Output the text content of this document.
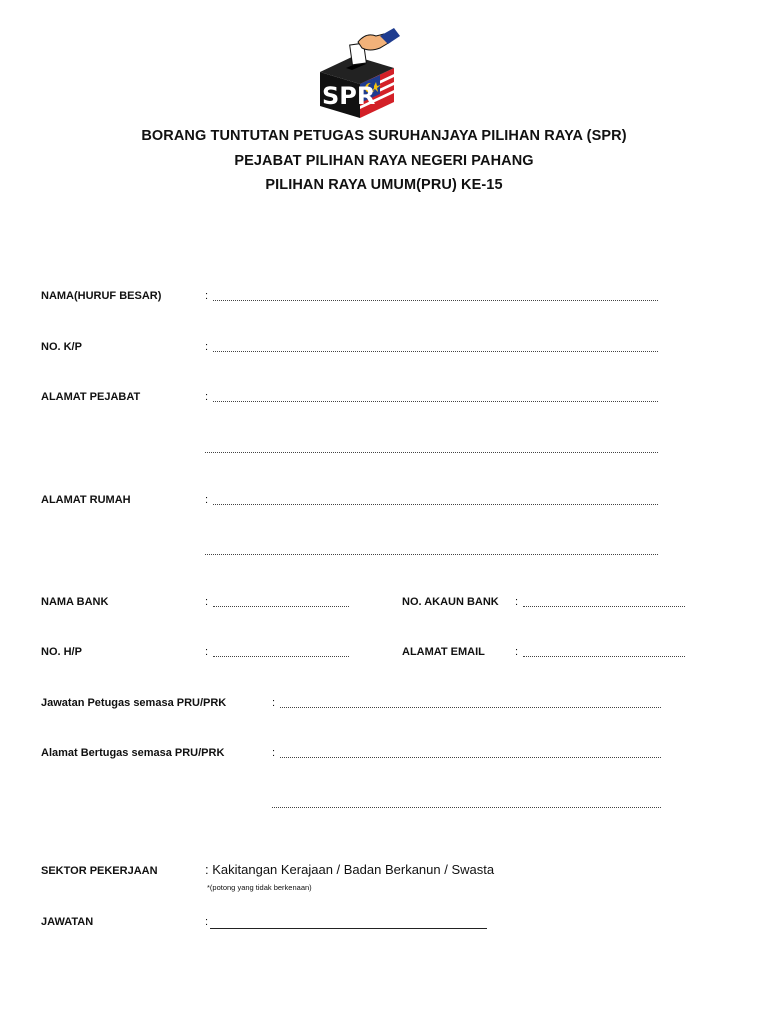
SPR
BORANG TUNTUTAN PETUGAS SURUHANJAYA PILIHAN RAYA (SPR)
PEJABAT PILIHAN RAYA NEGERI PAHANG
PILIHAN RAYA UMUM(PRU) KE-15
NAMA(HURUF BESAR)	:
NO. K/P	:
ALAMAT PEJABAT	:
ALAMAT RUMAH	:
NAMA BANK	:	NO. AKAUN BANK :
NO. H/P	:	ALAMAT EMAIL	:
Jawatan Petugas semasa PRU/PRK	:
Alamat Bertugas semasa PRU/PRK	:
SEKTOR PEKERJAAN	: Kakitangan Kerajaan / Badan Berkanun / Swasta
*(potong yang tidak berkenaan)
JAWATAN	:
